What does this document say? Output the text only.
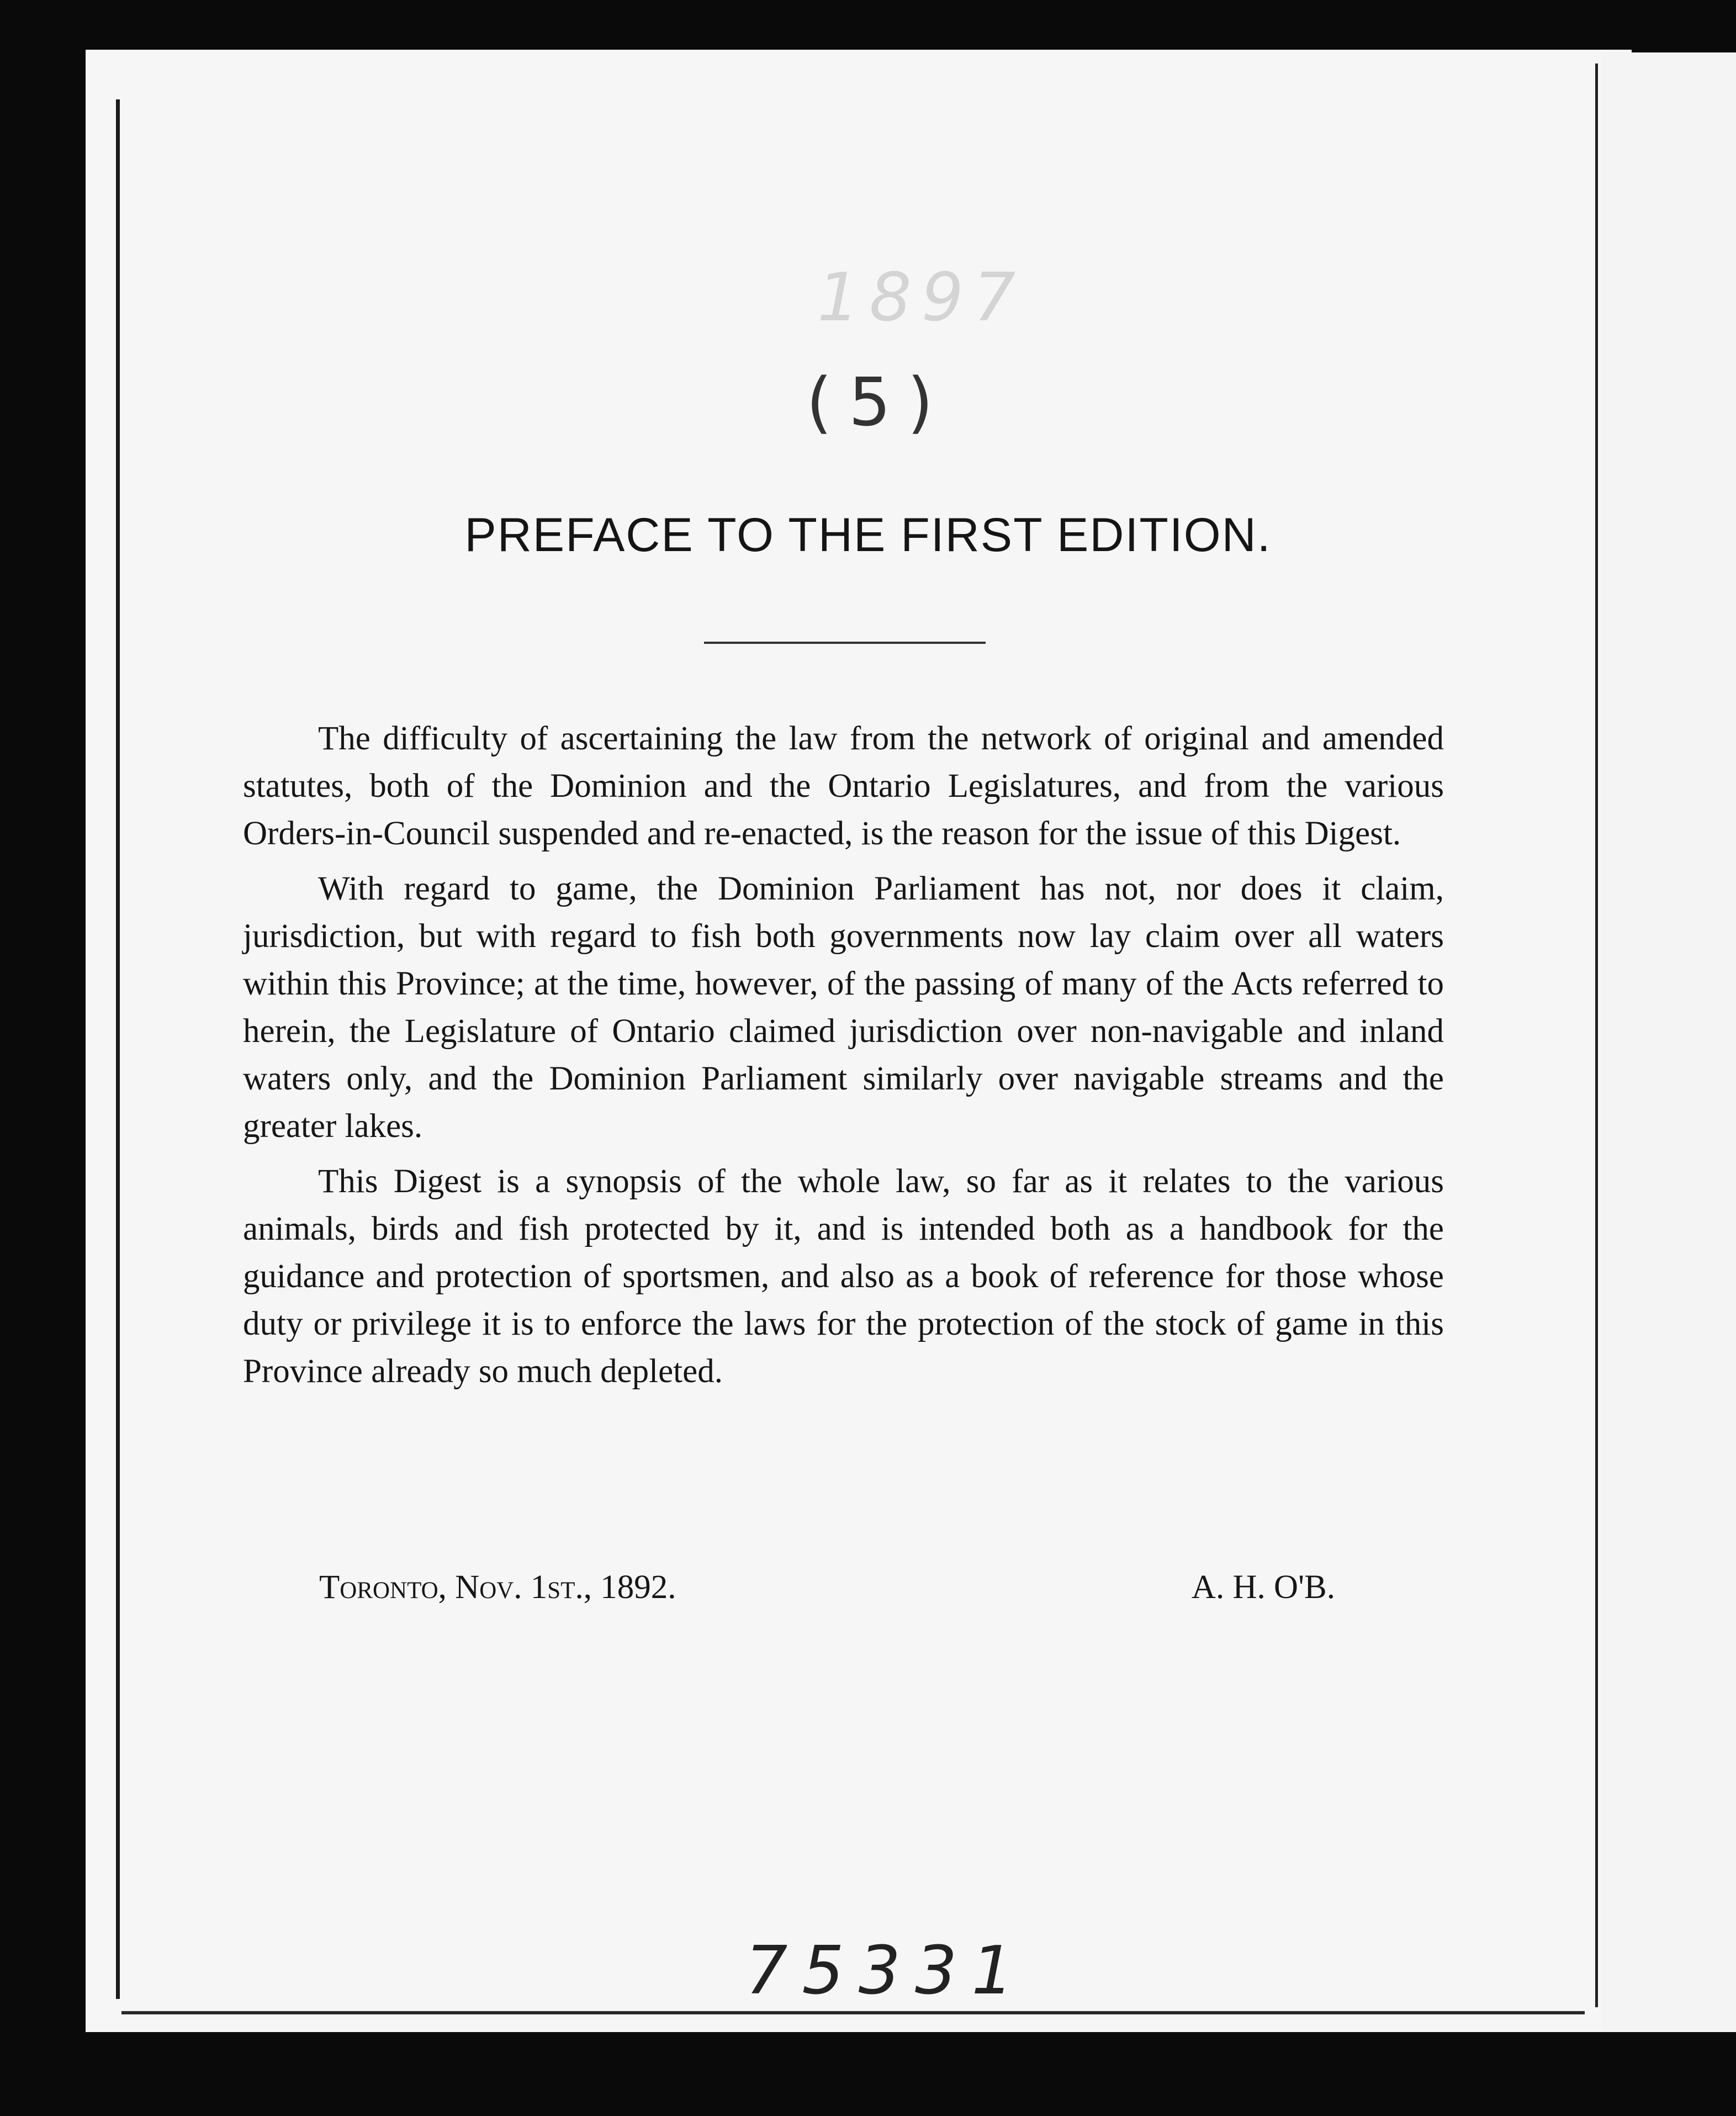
1897
(5)
PREFACE TO THE FIRST EDITION.

The difficulty of ascertaining the law from the network of original and amended statutes, both of the Dominion and the Ontario Legislatures, and from the various Orders-in-Council suspended and re-enacted, is the reason for the issue of this Digest.

With regard to game, the Dominion Parliament has not, nor does it claim, jurisdiction, but with regard to fish both governments now lay claim over all waters within this Province; at the time, however, of the passing of many of the Acts referred to herein, the Legislature of Ontario claimed jurisdiction over non-navigable and inland waters only, and the Dominion Parliament similarly over navigable streams and the greater lakes.

This Digest is a synopsis of the whole law, so far as it relates to the various animals, birds and fish protected by it, and is intended both as a handbook for the guidance and protection of sportsmen, and also as a book of reference for those whose duty or privilege it is to enforce the laws for the protection of the stock of game in this Province already so much depleted.

Toronto, Nov. 1st., 1892.	A. H. O'B.
75331
